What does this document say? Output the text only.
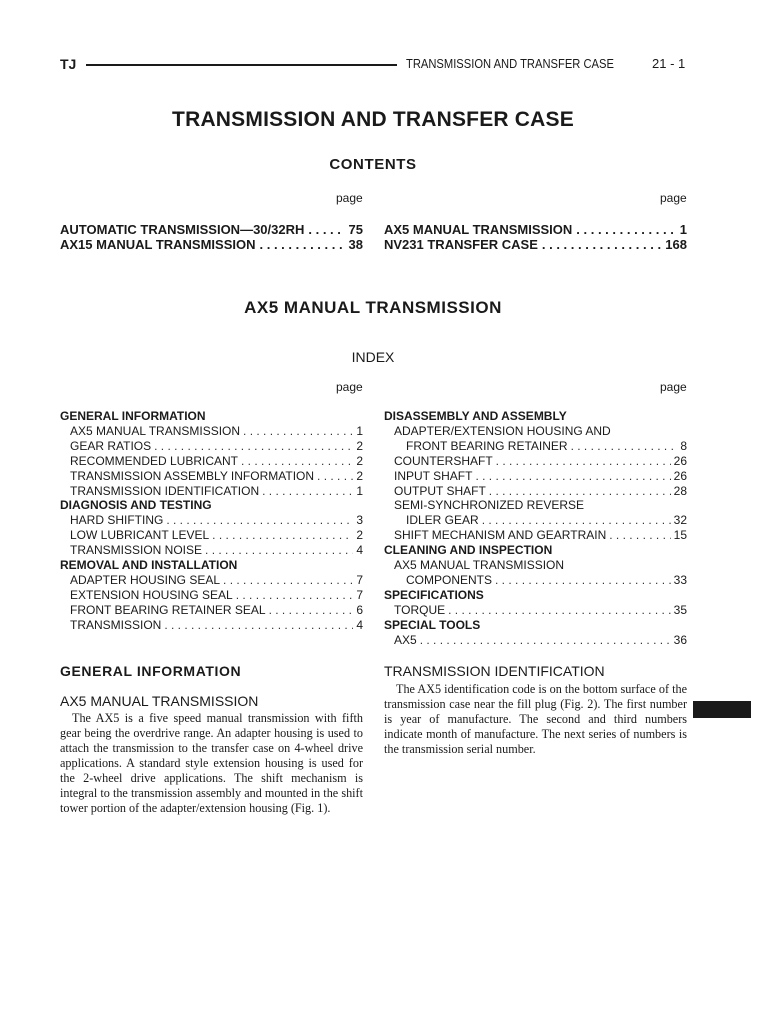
TJ	TRANSMISSION AND TRANSFER CASE	21 - 1
TRANSMISSION AND TRANSFER CASE
CONTENTS
page	page
AUTOMATIC TRANSMISSION—30/32RH . . .	75
AX15 MANUAL TRANSMISSION . . .	38
AX5 MANUAL TRANSMISSION . . .	1
NV231 TRANSFER CASE . . .	168
AX5 MANUAL TRANSMISSION
INDEX
page	page
GENERAL INFORMATION
AX5 MANUAL TRANSMISSION . . .	1
GEAR RATIOS . . .	2
RECOMMENDED LUBRICANT . . .	2
TRANSMISSION ASSEMBLY INFORMATION . . .	2
TRANSMISSION IDENTIFICATION . . .	1
DIAGNOSIS AND TESTING
HARD SHIFTING . . .	3
LOW LUBRICANT LEVEL . . .	2
TRANSMISSION NOISE . . .	4
REMOVAL AND INSTALLATION
ADAPTER HOUSING SEAL . . .	7
EXTENSION HOUSING SEAL . . .	7
FRONT BEARING RETAINER SEAL . . .	6
TRANSMISSION . . .	4
DISASSEMBLY AND ASSEMBLY
ADAPTER/EXTENSION HOUSING AND
FRONT BEARING RETAINER . . .	8
COUNTERSHAFT . . .	26
INPUT SHAFT . . .	26
OUTPUT SHAFT . . .	28
SEMI-SYNCHRONIZED REVERSE
IDLER GEAR . . .	32
SHIFT MECHANISM AND GEARTRAIN . . .	15
CLEANING AND INSPECTION
AX5 MANUAL TRANSMISSION
COMPONENTS . . .	33
SPECIFICATIONS
TORQUE . . .	35
SPECIAL TOOLS
AX5 . . .	36
GENERAL INFORMATION
AX5 MANUAL TRANSMISSION
The AX5 is a five speed manual transmission with fifth gear being the overdrive range. An adapter housing is used to attach the transmission to the transfer case on 4-wheel drive applications. A standard style extension housing is used for the 2-wheel drive applications. The shift mechanism is integral to the transmission assembly and mounted in the shift tower portion of the adapter/extension housing (Fig. 1).
TRANSMISSION IDENTIFICATION
The AX5 identification code is on the bottom surface of the transmission case near the fill plug (Fig. 2). The first number is year of manufacture. The second and third numbers indicate month of manufacture. The next series of numbers is the transmission serial number.
